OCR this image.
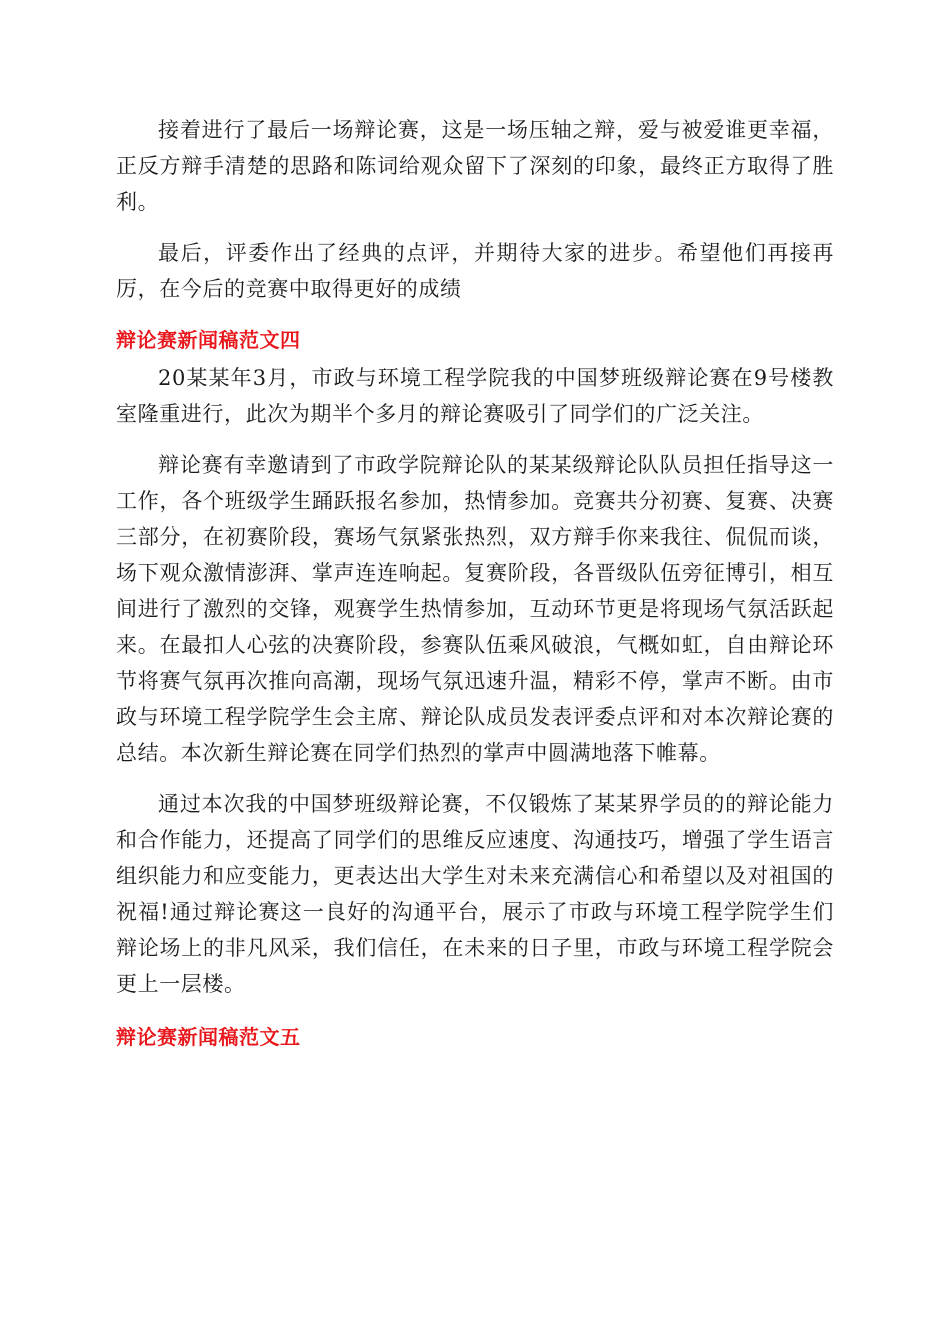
接着进行了最后一场辩论赛，这是一场压轴之辩，爱与被爱谁更幸福，正反方辩手清楚的思路和陈词给观众留下了深刻的印象，最终正方取得了胜利。

最后，评委作出了经典的点评，并期待大家的进步。希望他们再接再厉，在今后的竞赛中取得更好的成绩

辩论赛新闻稿范文四

20某某年3月，市政与环境工程学院我的中国梦班级辩论赛在9号楼教室隆重进行，此次为期半个多月的辩论赛吸引了同学们的广泛关注。

辩论赛有幸邀请到了市政学院辩论队的某某级辩论队队员担任指导这一工作，各个班级学生踊跃报名参加，热情参加。竞赛共分初赛、复赛、决赛三部分，在初赛阶段，赛场气氛紧张热烈，双方辩手你来我往、侃侃而谈，场下观众激情澎湃、掌声连连响起。复赛阶段，各晋级队伍旁征博引，相互间进行了激烈的交锋，观赛学生热情参加，互动环节更是将现场气氛活跃起来。在最扣人心弦的决赛阶段，参赛队伍乘风破浪，气概如虹，自由辩论环节将赛气氛再次推向高潮，现场气氛迅速升温，精彩不停，掌声不断。由市政与环境工程学院学生会主席、辩论队成员发表评委点评和对本次辩论赛的总结。本次新生辩论赛在同学们热烈的掌声中圆满地落下帷幕。

通过本次我的中国梦班级辩论赛，不仅锻炼了某某界学员的的辩论能力和合作能力，还提高了同学们的思维反应速度、沟通技巧，增强了学生语言组织能力和应变能力，更表达出大学生对未来充满信心和希望以及对祖国的祝福!通过辩论赛这一良好的沟通平台，展示了市政与环境工程学院学生们辩论场上的非凡风采，我们信任，在未来的日子里，市政与环境工程学院会更上一层楼。

辩论赛新闻稿范文五
